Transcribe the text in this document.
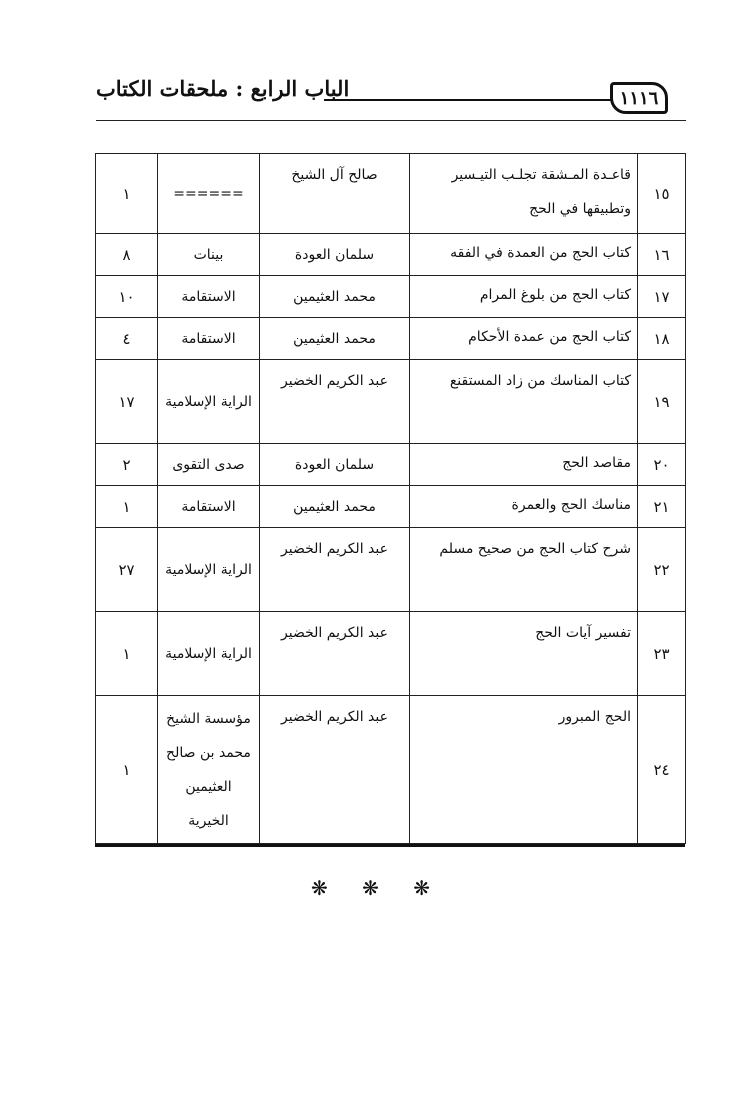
الباب الرابع : ملحقات الكتاب	١١١٦
١٥	قاعـدة المـشقة تجلـب التيـسير وتطبيقها في الحج	صالح آل الشيخ	======	١
١٦	كتاب الحج من العمدة في الفقه	سلمان العودة	بينات	٨
١٧	كتاب الحج من بلوغ المرام	محمد العثيمين	الاستقامة	١٠
١٨	كتاب الحج من عمدة الأحكام	محمد العثيمين	الاستقامة	٤
١٩	كتاب المناسك من زاد المستقنع	عبد الكريم الخضير	الراية الإسلامية	١٧
٢٠	مقاصد الحج	سلمان العودة	صدى التقوى	٢
٢١	مناسك الحج والعمرة	محمد العثيمين	الاستقامة	١
٢٢	شرح كتاب الحج من صحيح مسلم	عبد الكريم الخضير	الراية الإسلامية	٢٧
٢٣	تفسير آيات الحج	عبد الكريم الخضير	الراية الإسلامية	١
٢٤	الحج المبرور	عبد الكريم الخضير	مؤسسة الشيخ محمد بن صالح العثيمين الخيرية	١
❋ ❋ ❋
